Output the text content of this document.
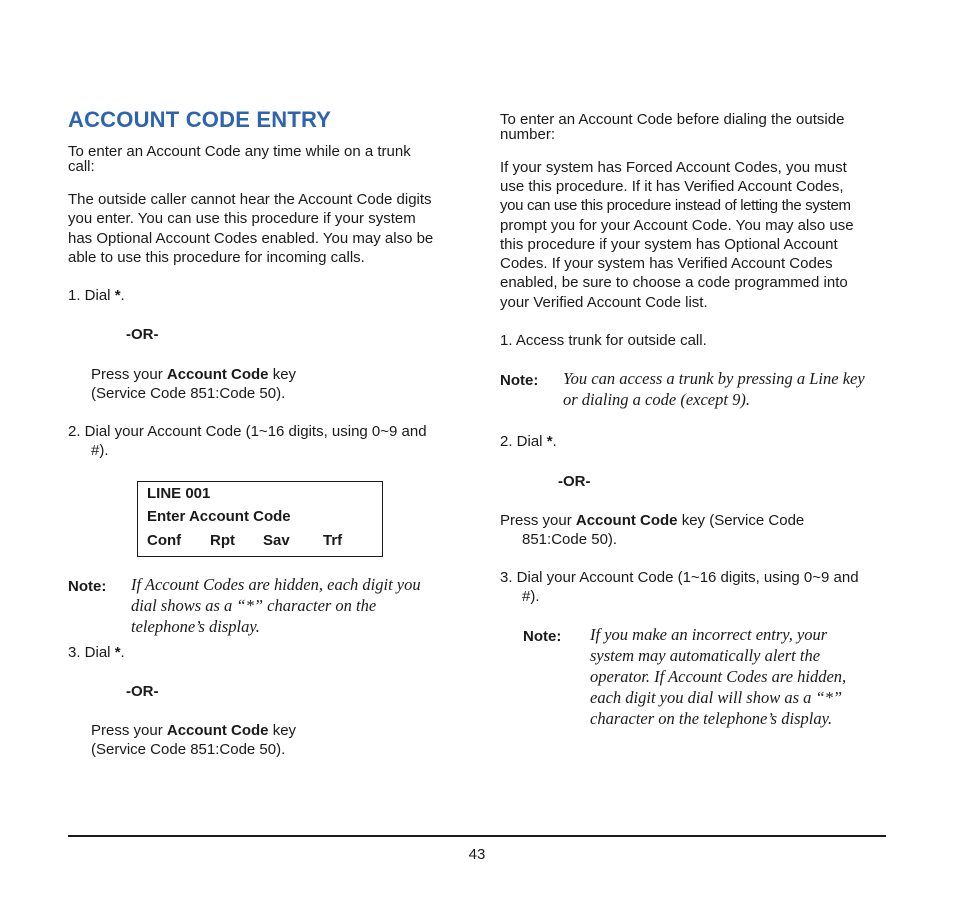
ACCOUNT CODE ENTRY
To enter an Account Code any time while on a trunk
call:
The outside caller cannot hear the Account Code digits
you enter. You can use this procedure if your system
has Optional Account Codes enabled. You may also be
able to use this procedure for incoming calls.
1. Dial *.
-OR-
Press your Account Code key
(Service Code 851:Code 50).
2. Dial your Account Code (1~16 digits, using 0~9 and
#).
LINE 001
Enter Account Code
Conf Rpt Sav Trf
Note: If Account Codes are hidden, each digit you
dial shows as a “*” character on the
telephone’s display.
3. Dial *.
-OR-
Press your Account Code key
(Service Code 851:Code 50).
To enter an Account Code before dialing the outside
number:
If your system has Forced Account Codes, you must
use this procedure. If it has Verified Account Codes,
you can use this procedure instead of letting the system
prompt you for your Account Code. You may also use
this procedure if your system has Optional Account
Codes. If your system has Verified Account Codes
enabled, be sure to choose a code programmed into
your Verified Account Code list.
1. Access trunk for outside call.
Note: You can access a trunk by pressing a Line key
or dialing a code (except 9).
2. Dial *.
-OR-
Press your Account Code key (Service Code
851:Code 50).
3. Dial your Account Code (1~16 digits, using 0~9 and
#).
Note: If you make an incorrect entry, your
system may automatically alert the
operator. If Account Codes are hidden,
each digit you dial will show as a “*”
character on the telephone’s display.
43
